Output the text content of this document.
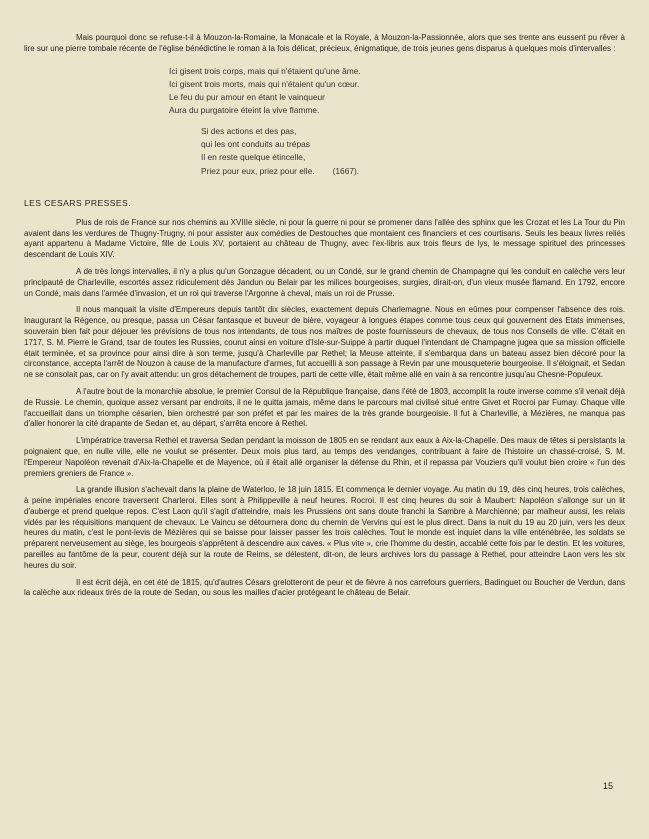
Mais pourquoi donc se refuse-t-il à Mouzon-la-Romaine, la Monacale et la Royale, à Mouzon-la-Passionnée, alors que ses trente ans eussent pu rêver à lire sur une pierre tombale récente de l'église bénédictine le roman à la fois délicat, précieux, énigmatique, de trois jeunes gens disparus à quelques mois d'intervalles :

Ici gisent trois corps, mais qui n'étaient qu'une âme.
Ici gisent trois morts, mais qui n'étaient qu'un cœur.
Le feu du pur amour en étant le vainqueur
Aura du purgatoire éteint la vive flamme.
Si des actions et des pas,
qui les ont conduits au trépas
Il en reste quelque étincelle,
Priez pour eux, priez pour elle. (1667).
LES CESARS PRESSES.

Plus de rois de France sur nos chemins au XVIIIe siècle, ni pour la guerre ni pour se promener dans l'allée des sphinx que les Crozat et les La Tour du Pin avaient dans les verdures de Thugny-Trugny, ni pour assister aux comédies de Destouches que montaient ces financiers et ces courtisans. Seuls les beaux livres reliés ayant appartenu à Madame Victoire, fille de Louis XV, portaient au château de Thugny, avec l'ex-libris aux trois fleurs de lys, le message spirituel des princesses descendant de Louis XIV.

A de très longs intervalles, il n'y a plus qu'un Gonzague décadent, ou un Condé, sur le grand chemin de Champagne qui les conduit en calèche vers leur principauté de Charleville, escortés assez ridiculement dès Jandun ou Belair par les milices bourgeoises, surgies, dirait-on, d'un vieux musée flamand. En 1792, encore un Condé, mais dans l'armée d'invasion, et un roi qui traverse l'Argonne à cheval, mais un roi de Prusse.

Il nous manquait la visite d'Empereurs depuis tantôt dix siècles, exactement depuis Charlemagne. Nous en eûmes pour compenser l'absence des rois. Inaugurant la Régence, ou presque, passa un César fantasque et buveur de bière, voyageur à longues étapes comme tous ceux qui gouvernent des Etats immenses, souverain bien fait pour déjouer les prévisions de tous nos intendants, de tous nos maîtres de poste fournisseurs de chevaux, de tous nos Conseils de ville. C'était en 1717, S. M. Pierre le Grand, tsar de toutes les Russies, courut ainsi en voiture d'Isle-sur-Suippe à partir duquel l'intendant de Champagne jugea que sa mission officielle était terminée, et sa province pour ainsi dire à son terme, jusqu'à Charleville par Rethel; la Meuse atteinte, il s'embarqua dans un bateau assez bien décoré pour la circonstance, accepta l'arrêt de Nouzon à cause de la manufacture d'armes, fut accueilli à son passage à Revin par une mousqueterie bourgeoise. Il s'éloignait, et Sedan ne se consolait pas, car on l'y avait attendu: un gros détachement de troupes, parti de cette ville, était même allé en vain à sa rencontre jusqu'au Chesne-Populeux.

A l'autre bout de la monarchie absolue, le premier Consul de la République française, dans l'été de 1803, accomplit la route inverse comme s'il venait déjà de Russie. Le chemin, quoique assez versant par endroits, il ne le quitta jamais, même dans le parcours mal civilisé situé entre Givet et Rocroi par Fumay. Chaque ville l'accueillait dans un triomphe césarien, bien orchestré par son préfet et par les maires de la très grande bourgeoisie. Il fut à Charleville, à Mézières, ne manqua pas d'aller honorer la cité drapante de Sedan et, au départ, s'arrêta encore à Rethel.

L'impératrice traversa Rethel et traversa Sedan pendant la moisson de 1805 en se rendant aux eaux à Aix-la-Chapelle. Des maux de têtes si persistants la poignaient que, en nulle ville, elle ne voulut se présenter. Deux mois plus tard, au temps des vendanges, contribuant à faire de l'histoire un chassé-croisé, S. M. l'Empereur Napoléon revenait d'Aix-la-Chapelle et de Mayence, où il était allé organiser la défense du Rhin, et il repassa par Vouziers qu'il voulut bien croire « l'un des premiers greniers de France ».

La grande illusion s'achevait dans la plaine de Waterloo, le 18 juin 1815. Et commença le dernier voyage. Au matin du 19, dès cinq heures, trois calèches, à peine impériales encore traversent Charleroi. Elles sont à Philippeville à neuf heures. Rocroi. Il est cinq heures du soir à Maubert: Napoléon s'allonge sur un lit d'auberge et prend quelque repos. C'est Laon qu'il s'agit d'atteindre, mais les Prussiens ont sans doute franchi la Sambre à Marchienne; par malheur aussi, les relais vidés par les réquisitions manquent de chevaux. Le Vaincu se détournera donc du chemin de Vervins qui est le plus direct. Dans la nuit du 19 au 20 juin, vers les deux heures du matin, c'est le pont-levis de Mézières qui se baisse pour laisser passer les trois calèches. Tout le monde est inquiet dans la ville enténébrée, les soldats se préparent nerveusement au siège, les bourgeois s'apprêtent à descendre aux caves. « Plus vite », crie l'homme du destin, accablé cette fois par le destin. Et les voitures, pareilles au fantôme de la peur, courent déjà sur la route de Reims, se délestent, dit-on, de leurs archives lors du passage à Rethel, pour atteindre Laon vers les six heures du soir.

Il est écrit déjà, en cet été de 1815, qu'd'autres Césars grelotteront de peur et de fièvre à nos carrefours guerriers, Badinguet ou Boucher de Verdun, dans la calèche aux rideaux tirés de la route de Sedan, ou sous les mailles d'acier protégeant le château de Belair.

15
